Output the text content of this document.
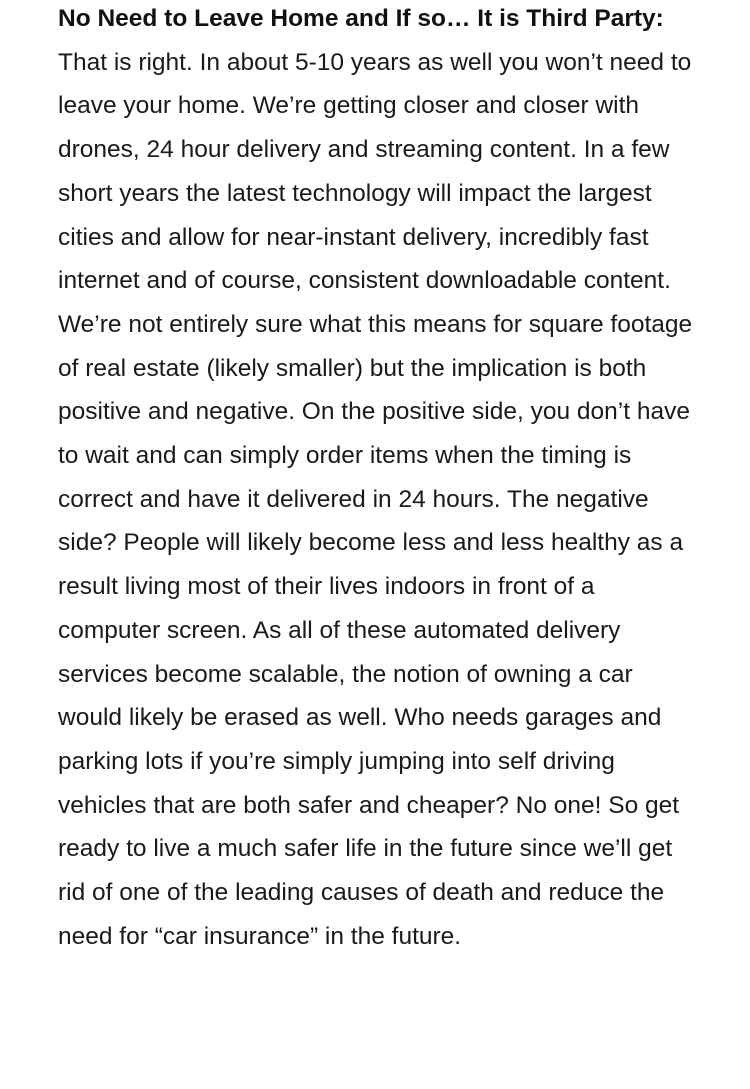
No Need to Leave Home and If so… It is Third Party: That is right. In about 5-10 years as well you won’t need to leave your home. We’re getting closer and closer with drones, 24 hour delivery and streaming content. In a few short years the latest technology will impact the largest cities and allow for near-instant delivery, incredibly fast internet and of course, consistent downloadable content. We’re not entirely sure what this means for square footage of real estate (likely smaller) but the implication is both positive and negative. On the positive side, you don’t have to wait and can simply order items when the timing is correct and have it delivered in 24 hours. The negative side? People will likely become less and less healthy as a result living most of their lives indoors in front of a computer screen. As all of these automated delivery services become scalable, the notion of owning a car would likely be erased as well. Who needs garages and parking lots if you’re simply jumping into self driving vehicles that are both safer and cheaper? No one! So get ready to live a much safer life in the future since we’ll get rid of one of the leading causes of death and reduce the need for “car insurance” in the future.
